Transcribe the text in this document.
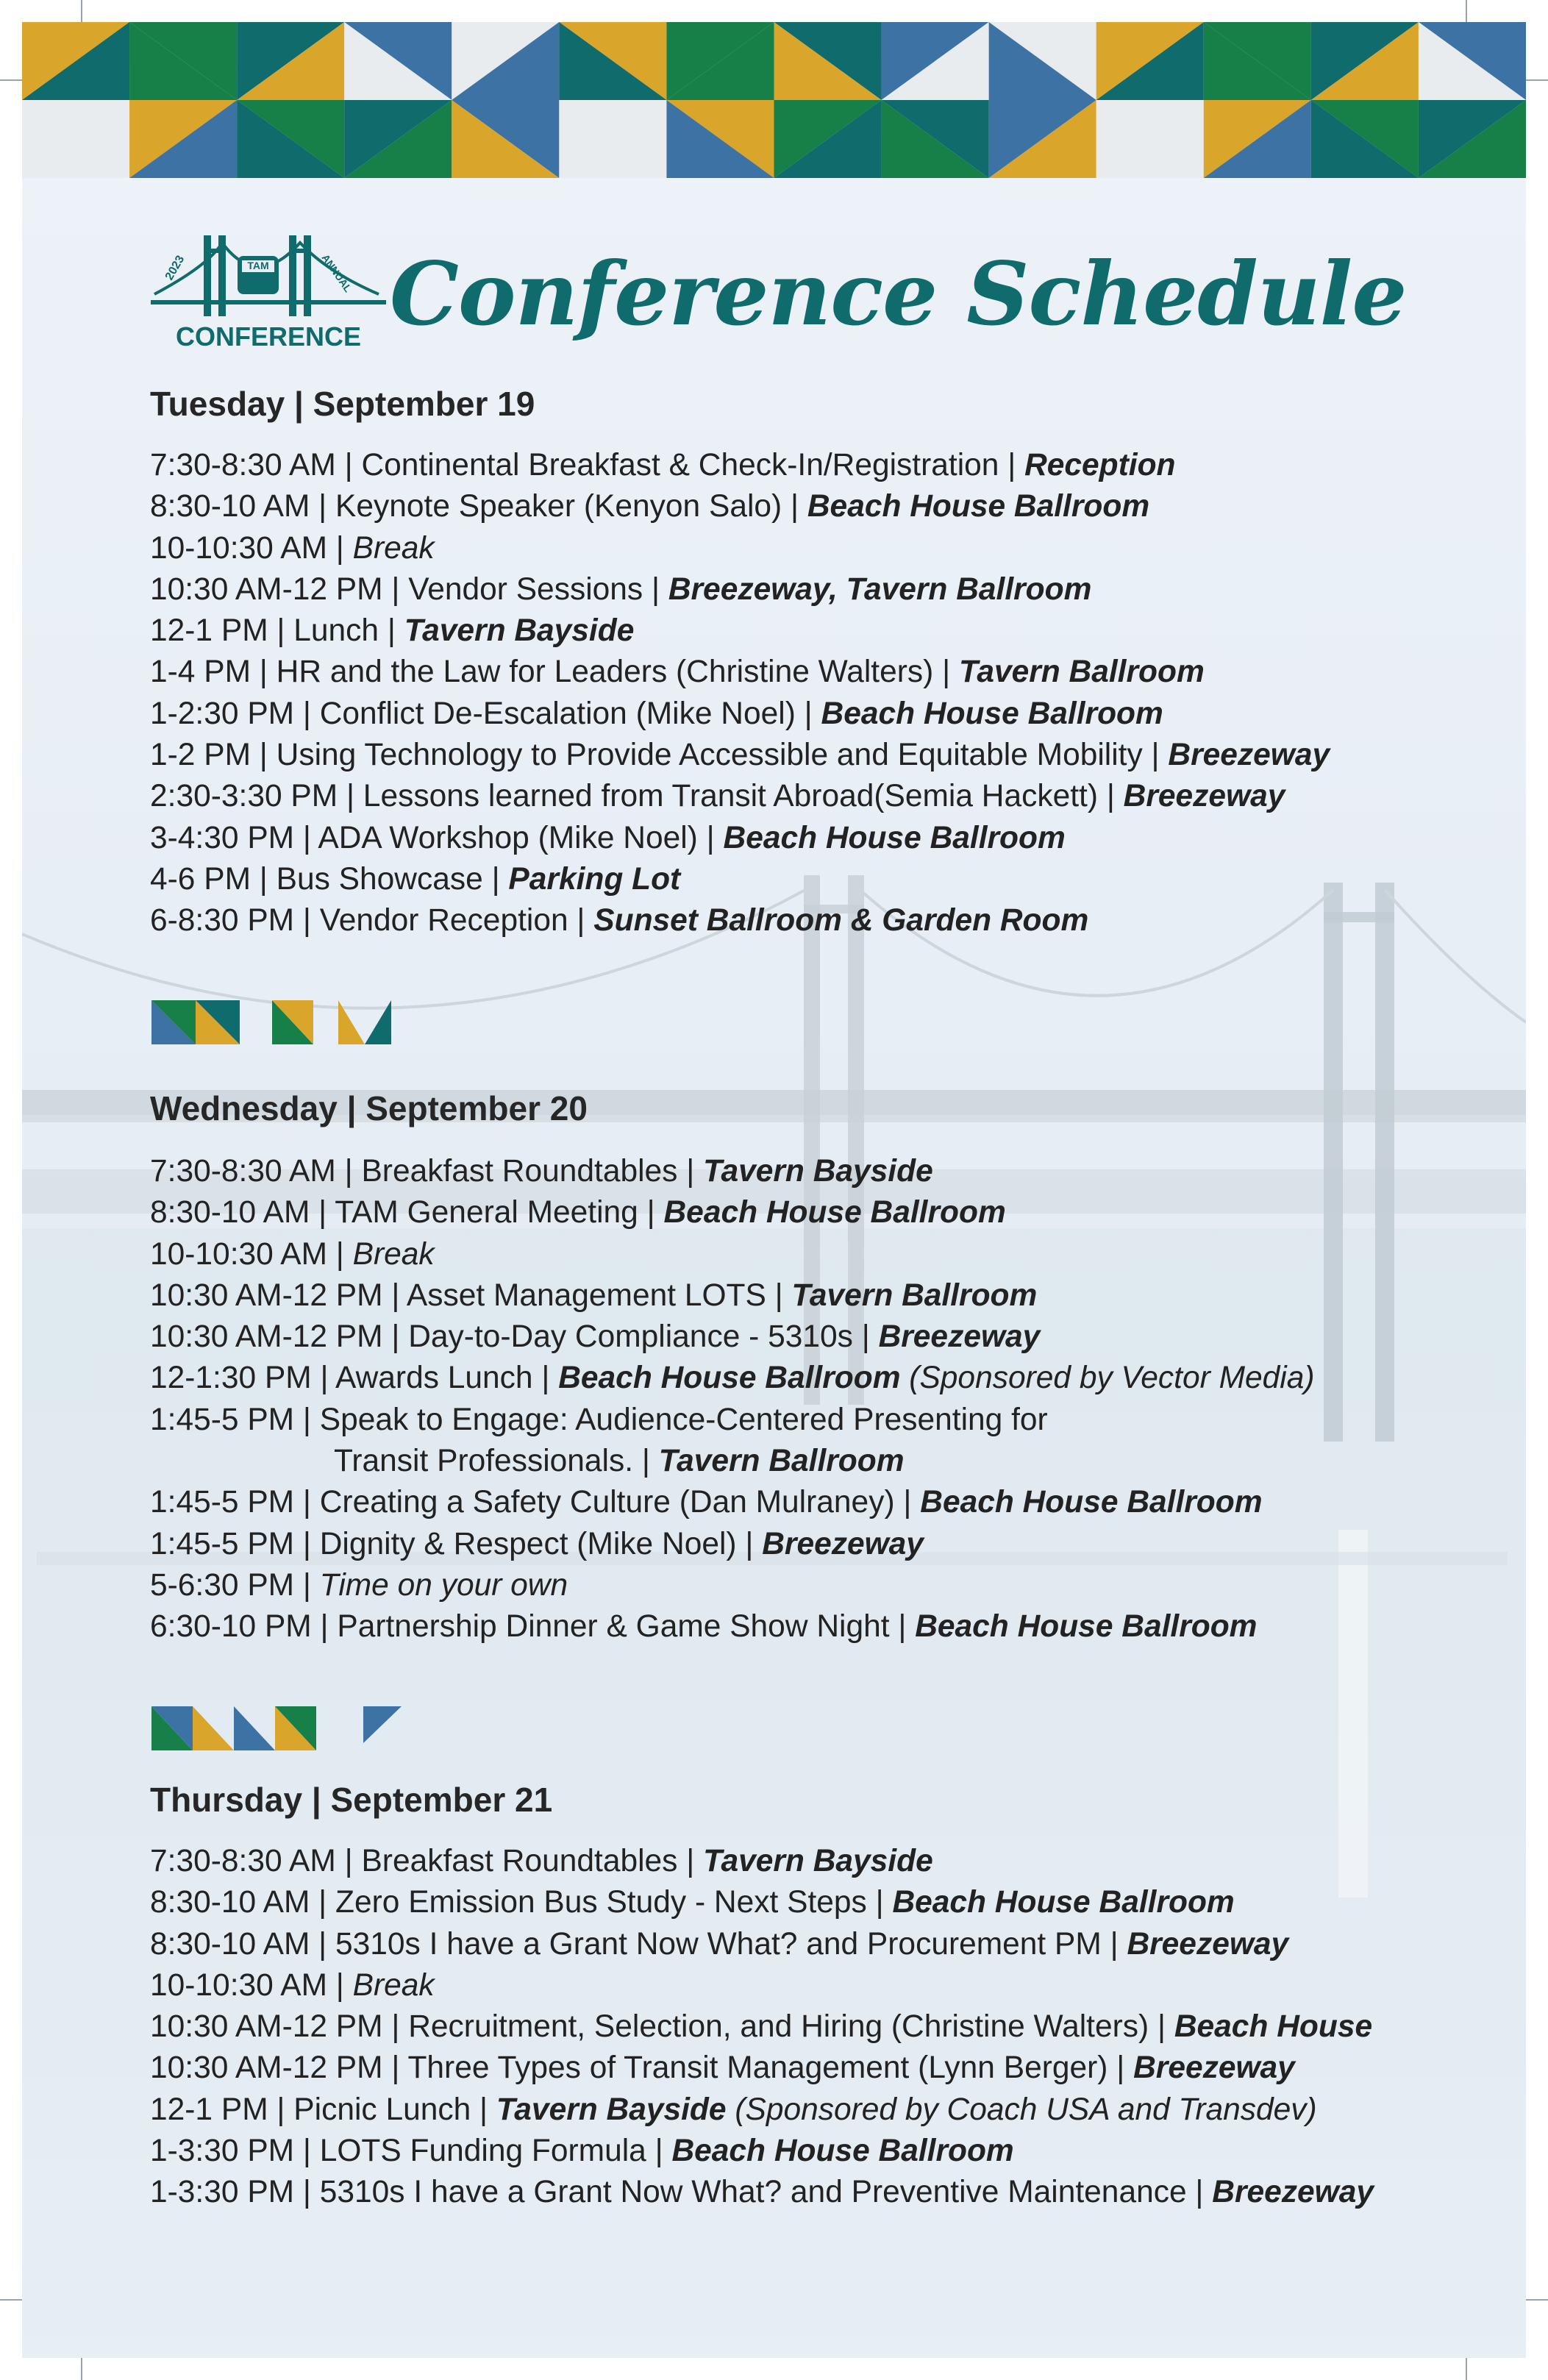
TAM
2023	ANNUAL
CONFERENCE Conference Schedule
Tuesday | September 19
7:30-8:30 AM | Continental Breakfast & Check-In/Registration | Reception
8:30-10 AM | Keynote Speaker (Kenyon Salo) | Beach House Ballroom
10-10:30 AM | Break
10:30 AM-12 PM | Vendor Sessions | Breezeway, Tavern Ballroom
12-1 PM | Lunch | Tavern Bayside
1-4 PM | HR and the Law for Leaders (Christine Walters) | Tavern Ballroom
1-2:30 PM | Conflict De-Escalation (Mike Noel) | Beach House Ballroom
1-2 PM | Using Technology to Provide Accessible and Equitable Mobility | Breezeway
2:30-3:30 PM | Lessons learned from Transit Abroad(Semia Hackett) | Breezeway
3-4:30 PM | ADA Workshop (Mike Noel) | Beach House Ballroom
4-6 PM | Bus Showcase | Parking Lot
6-8:30 PM | Vendor Reception | Sunset Ballroom & Garden Room
Wednesday | September 20
7:30-8:30 AM | Breakfast Roundtables | Tavern Bayside
8:30-10 AM | TAM General Meeting | Beach House Ballroom
10-10:30 AM | Break
10:30 AM-12 PM | Asset Management LOTS | Tavern Ballroom
10:30 AM-12 PM | Day-to-Day Compliance - 5310s | Breezeway
12-1:30 PM | Awards Lunch | Beach House Ballroom (Sponsored by Vector Media)
1:45-5 PM | Speak to Engage: Audience-Centered Presenting for
Transit Professionals. | Tavern Ballroom
1:45-5 PM | Creating a Safety Culture (Dan Mulraney) | Beach House Ballroom
1:45-5 PM | Dignity & Respect (Mike Noel) | Breezeway
5-6:30 PM | Time on your own
6:30-10 PM | Partnership Dinner & Game Show Night | Beach House Ballroom
Thursday | September 21
7:30-8:30 AM | Breakfast Roundtables | Tavern Bayside
8:30-10 AM | Zero Emission Bus Study - Next Steps | Beach House Ballroom
8:30-10 AM | 5310s I have a Grant Now What? and Procurement PM | Breezeway
10-10:30 AM | Break
10:30 AM-12 PM | Recruitment, Selection, and Hiring (Christine Walters) | Beach House
10:30 AM-12 PM | Three Types of Transit Management (Lynn Berger) | Breezeway
12-1 PM | Picnic Lunch | Tavern Bayside (Sponsored by Coach USA and Transdev)
1-3:30 PM | LOTS Funding Formula | Beach House Ballroom
1-3:30 PM | 5310s I have a Grant Now What? and Preventive Maintenance | Breezeway
